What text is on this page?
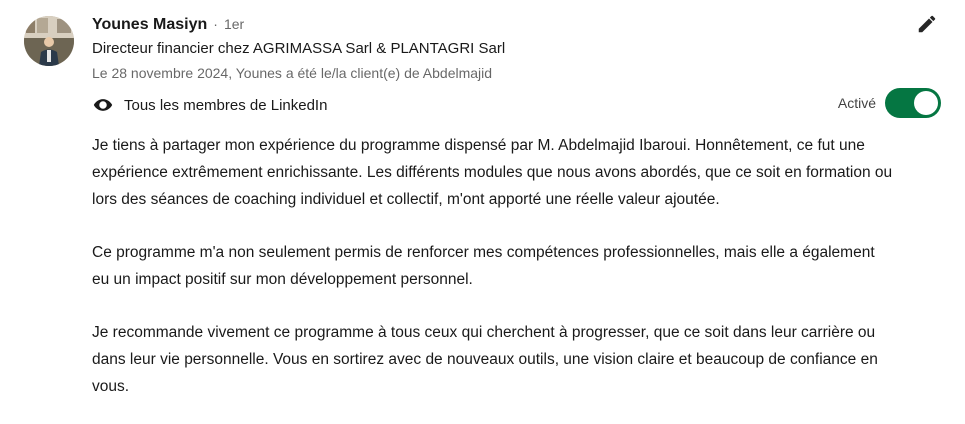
Younes Masiyn · 1er
Directeur financier chez AGRIMASSA Sarl & PLANTAGRI Sarl
Le 28 novembre 2024, Younes a été le/la client(e) de Abdelmajid
Tous les membres de LinkedIn	Activé

Je tiens à partager mon expérience du programme dispensé par M. Abdelmajid Ibaroui. Honnêtement, ce fut une expérience extrêmement enrichissante. Les différents modules que nous avons abordés, que ce soit en formation ou lors des séances de coaching individuel et collectif, m'ont apporté une réelle valeur ajoutée.

Ce programme m'a non seulement permis de renforcer mes compétences professionnelles, mais elle a également eu un impact positif sur mon développement personnel.

Je recommande vivement ce programme à tous ceux qui cherchent à progresser, que ce soit dans leur carrière ou dans leur vie personnelle. Vous en sortirez avec de nouveaux outils, une vision claire et beaucoup de confiance en vous.
